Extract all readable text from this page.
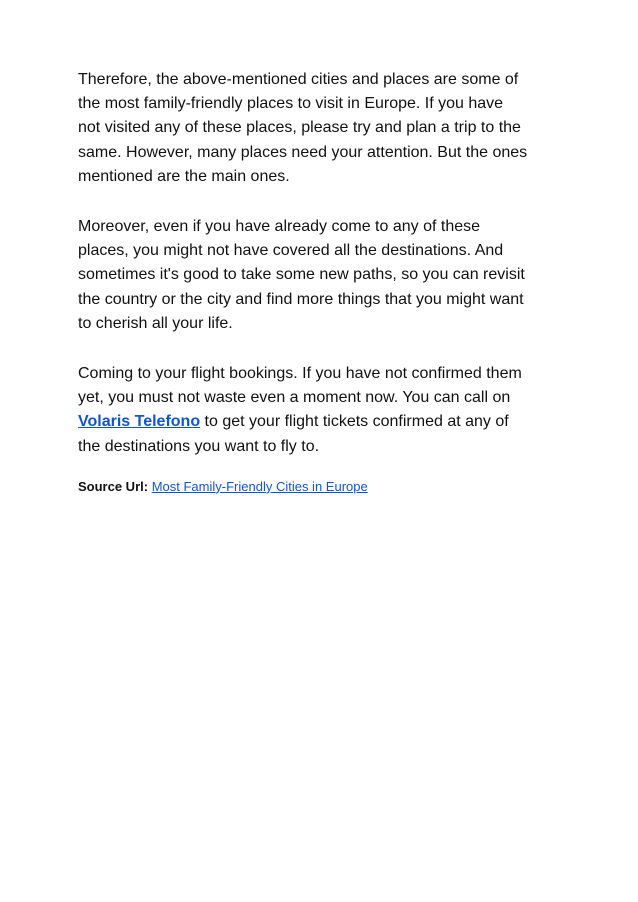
Therefore, the above-mentioned cities and places are some of
the most family-friendly places to visit in Europe. If you have
not visited any of these places, please try and plan a trip to the
same. However, many places need your attention. But the ones
mentioned are the main ones.

Moreover, even if you have already come to any of these
places, you might not have covered all the destinations. And
sometimes it's good to take some new paths, so you can revisit
the country or the city and find more things that you might want
to cherish all your life.

Coming to your flight bookings. If you have not confirmed them
yet, you must not waste even a moment now. You can call on
Volaris Telefono to get your flight tickets confirmed at any of
the destinations you want to fly to.

Source Url: Most Family-Friendly Cities in Europe
